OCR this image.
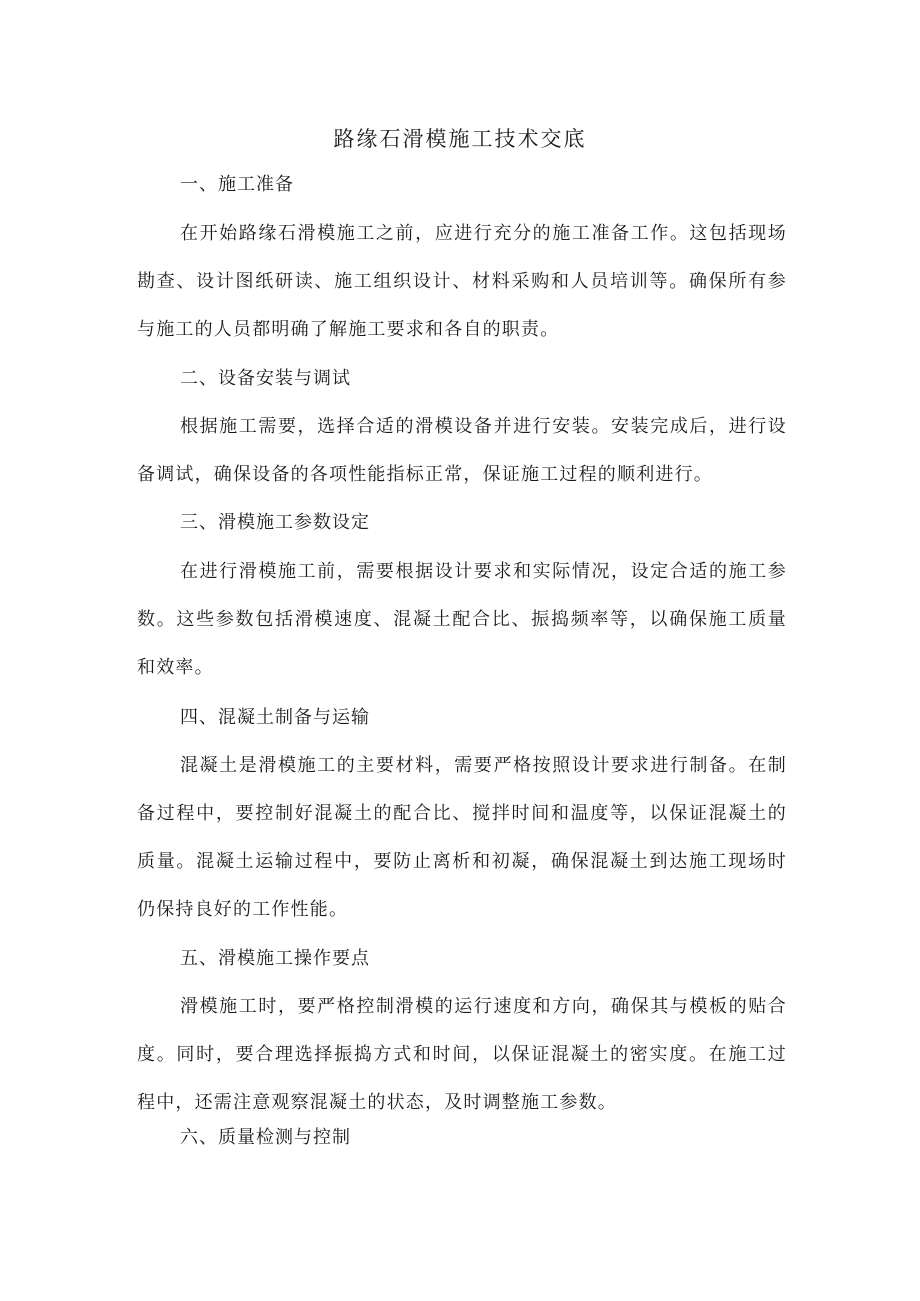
路缘石滑模施工技术交底
一、施工准备
在开始路缘石滑模施工之前，应进行充分的施工准备工作。这包括现场勘查、设计图纸研读、施工组织设计、材料采购和人员培训等。确保所有参与施工的人员都明确了解施工要求和各自的职责。
二、设备安装与调试
根据施工需要，选择合适的滑模设备并进行安装。安装完成后，进行设备调试，确保设备的各项性能指标正常，保证施工过程的顺利进行。
三、滑模施工参数设定
在进行滑模施工前，需要根据设计要求和实际情况，设定合适的施工参数。这些参数包括滑模速度、混凝土配合比、振捣频率等，以确保施工质量和效率。
四、混凝土制备与运输
混凝土是滑模施工的主要材料，需要严格按照设计要求进行制备。在制备过程中，要控制好混凝土的配合比、搅拌时间和温度等，以保证混凝土的质量。混凝土运输过程中，要防止离析和初凝，确保混凝土到达施工现场时仍保持良好的工作性能。
五、滑模施工操作要点
滑模施工时，要严格控制滑模的运行速度和方向，确保其与模板的贴合度。同时，要合理选择振捣方式和时间，以保证混凝土的密实度。在施工过程中，还需注意观察混凝土的状态，及时调整施工参数。
六、质量检测与控制
